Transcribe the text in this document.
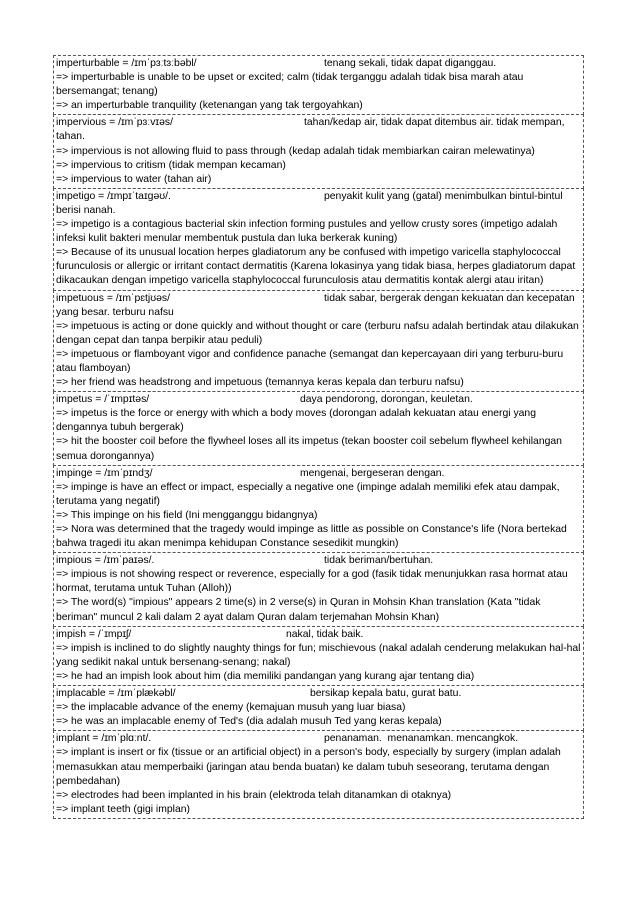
imperturbable = /ɪmˈpɜːtɜːbəbl/	tenang sekali, tidak dapat diganggau.
=> imperturbable is unable to be upset or excited; calm (tidak terganggu adalah tidak bisa marah atau bersemangat; tenang)
=> an imperturbable tranquility (ketenangan yang tak tergoyahkan)
impervious = /ɪmˈpɜːvɪəs/	tahan/kedap air, tidak dapat ditembus air. tidak mempan, tahan.
=> impervious is not allowing fluid to pass through (kedap adalah tidak membiarkan cairan melewatinya)
=> impervious to critism (tidak mempan kecaman)
=> impervious to water (tahan air)
impetigo = /ɪmpɪˈtaɪgəʊ/.	penyakit kulit yang (gatal) menimbulkan bintul-bintul berisi nanah.
=> impetigo is a contagious bacterial skin infection forming pustules and yellow crusty sores (impetigo adalah infeksi kulit bakteri menular membentuk pustula dan luka berkerak kuning)
=> Because of its unusual location herpes gladiatorum any be confused with impetigo varicella staphylococcal furunculosis or allergic or irritant contact dermatitis (Karena lokasinya yang tidak biasa, herpes gladiatorum dapat dikacaukan dengan impetigo varicella staphylococcal furunculosis atau dermatitis kontak alergi atau iritan)
impetuous = /ɪmˈpɛtjʊəs/	tidak sabar, bergerak dengan kekuatan dan kecepatan yang besar. terburu nafsu
=> impetuous is acting or done quickly and without thought or care (terburu nafsu adalah bertindak atau dilakukan dengan cepat dan tanpa berpikir atau peduli)
=> impetuous or flamboyant vigor and confidence panache (semangat dan kepercayaan diri yang terburu-buru atau flamboyan)
=> her friend was headstrong and impetuous (temannya keras kepala dan terburu nafsu)
impetus = /ˈɪmpɪtəs/	daya pendorong, dorongan, keuletan.
=> impetus is the force or energy with which a body moves (dorongan adalah kekuatan atau energi yang dengannya tubuh bergerak)
=> hit the booster coil before the flywheel loses all its impetus (tekan booster coil sebelum flywheel kehilangan semua dorongannya)
impinge = /ɪmˈpɪndʒ/	mengenai, bergeseran dengan.
=> impinge is have an effect or impact, especially a negative one (impinge adalah memiliki efek atau dampak, terutama yang negatif)
=> This impinge on his field (Ini mengganggu bidangnya)
=> Nora was determined that the tragedy would impinge as little as possible on Constance's life (Nora bertekad bahwa tragedi itu akan menimpa kehidupan Constance sesedikit mungkin)
impious = /ɪmˈpaɪəs/.	tidak beriman/bertuhan.
=> impious is not showing respect or reverence, especially for a god (fasik tidak menunjukkan rasa hormat atau hormat, terutama untuk Tuhan (Alloh))
=> The word(s) "impious" appears 2 time(s) in 2 verse(s) in Quran in Mohsin Khan translation (Kata "tidak beriman" muncul 2 kali dalam 2 ayat dalam Quran dalam terjemahan Mohsin Khan)
impish = /ˈɪmpɪʃ/	nakal, tidak baik.
=> impish is inclined to do slightly naughty things for fun; mischievous (nakal adalah cenderung melakukan hal-hal yang sedikit nakal untuk bersenang-senang; nakal)
=> he had an impish look about him (dia memiliki pandangan yang kurang ajar tentang dia)
implacable = /ɪmˈplækəbl/	bersikap kepala batu, gurat batu.
=> the implacable advance of the enemy (kemajuan musuh yang luar biasa)
=> he was an implacable enemy of Ted's (dia adalah musuh Ted yang keras kepala)
implant = /ɪmˈplɑːnt/.	penanaman.  menanamkan. mencangkok.
=> implant is insert or fix (tissue or an artificial object) in a person's body, especially by surgery (implan adalah memasukkan atau memperbaiki (jaringan atau benda buatan) ke dalam tubuh seseorang, terutama dengan pembedahan)
=> electrodes had been implanted in his brain (elektroda telah ditanamkan di otaknya)
=> implant teeth (gigi implan)
